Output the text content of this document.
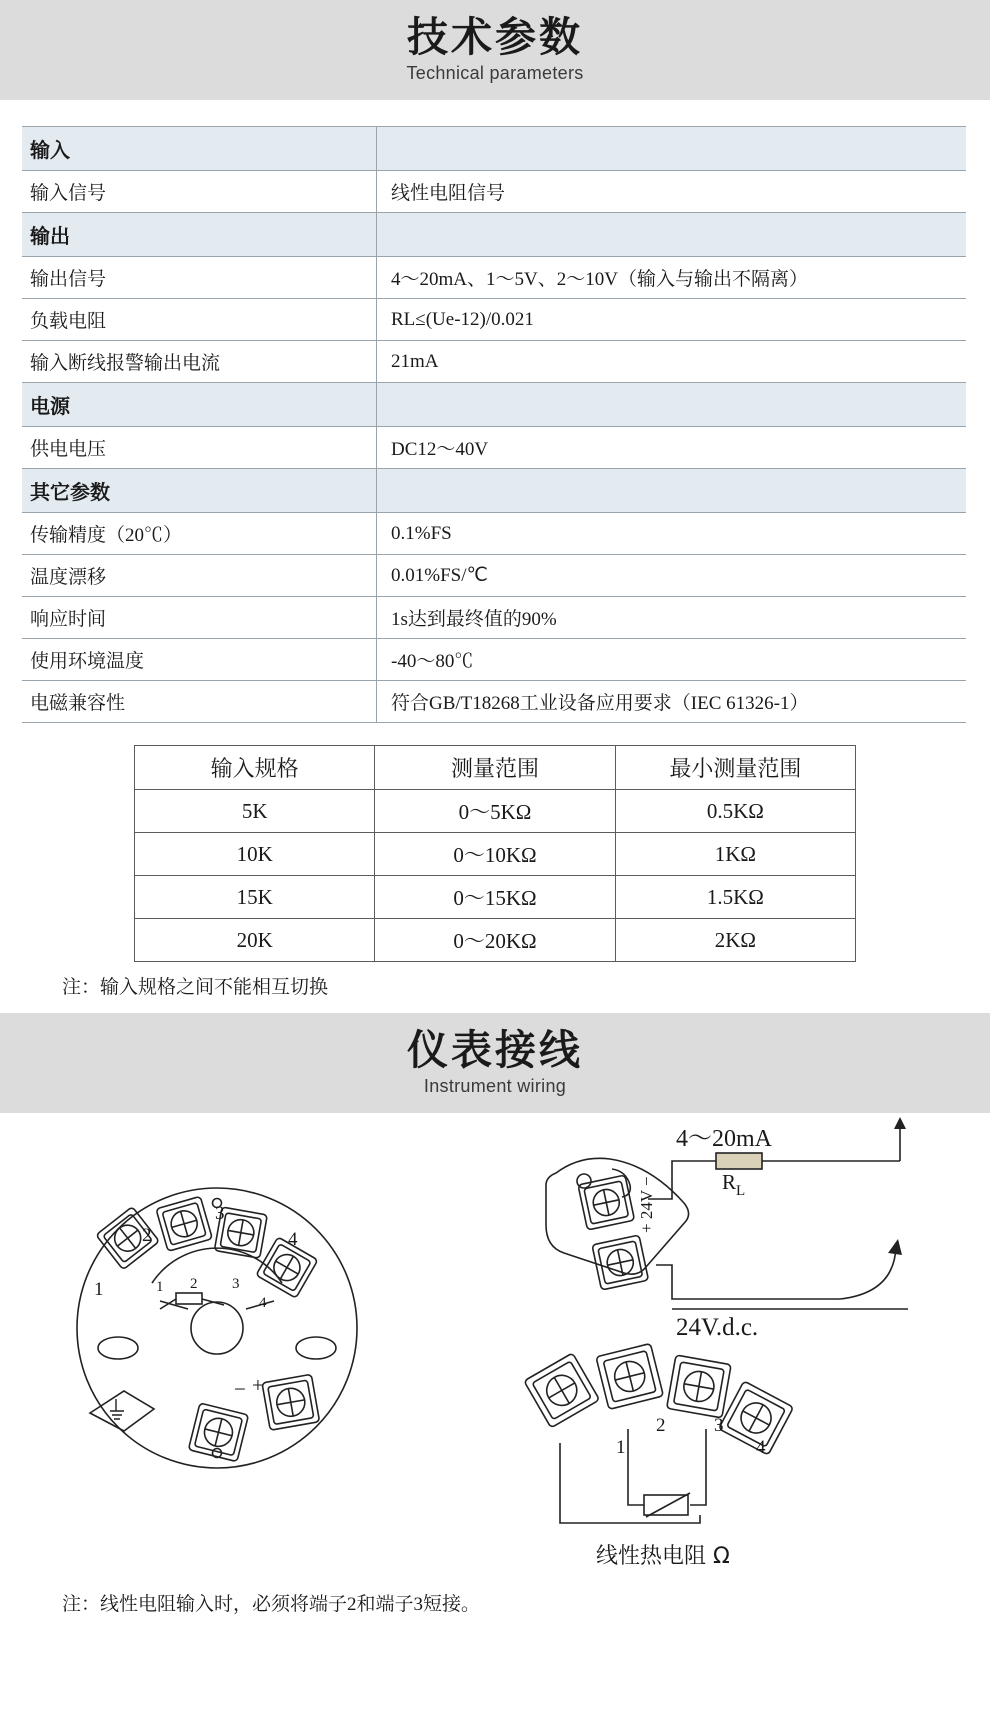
技术参数
Technical parameters
输入	
输入信号	线性电阻信号
输出	
输出信号	4～20mA、1～5V、2～10V（输入与输出不隔离）
负载电阻	RL≤(Ue-12)/0.021
输入断线报警输出电流	21mA
电源	
供电电压	DC12～40V
其它参数	
传输精度（20℃）	0.1%FS
温度漂移	0.01%FS/℃
响应时间	1s达到最终值的90%
使用环境温度	-40～80℃
电磁兼容性	符合GB/T18268工业设备应用要求（IEC 61326-1）
输入规格	测量范围	最小测量范围
5K	0～5KΩ	0.5KΩ
10K	0～10KΩ	1KΩ
15K	0～15KΩ	1.5KΩ
20K	0～20KΩ	2KΩ
注：输入规格之间不能相互切换
仪表接线
Instrument wiring
1
2
3
4
1 2 3
4
− +
4～20mA
R L
24V.d.c.
+ 24V −
1
2	3
4
线性热电阻 Ω
注：线性电阻输入时，必须将端子2和端子3短接。
